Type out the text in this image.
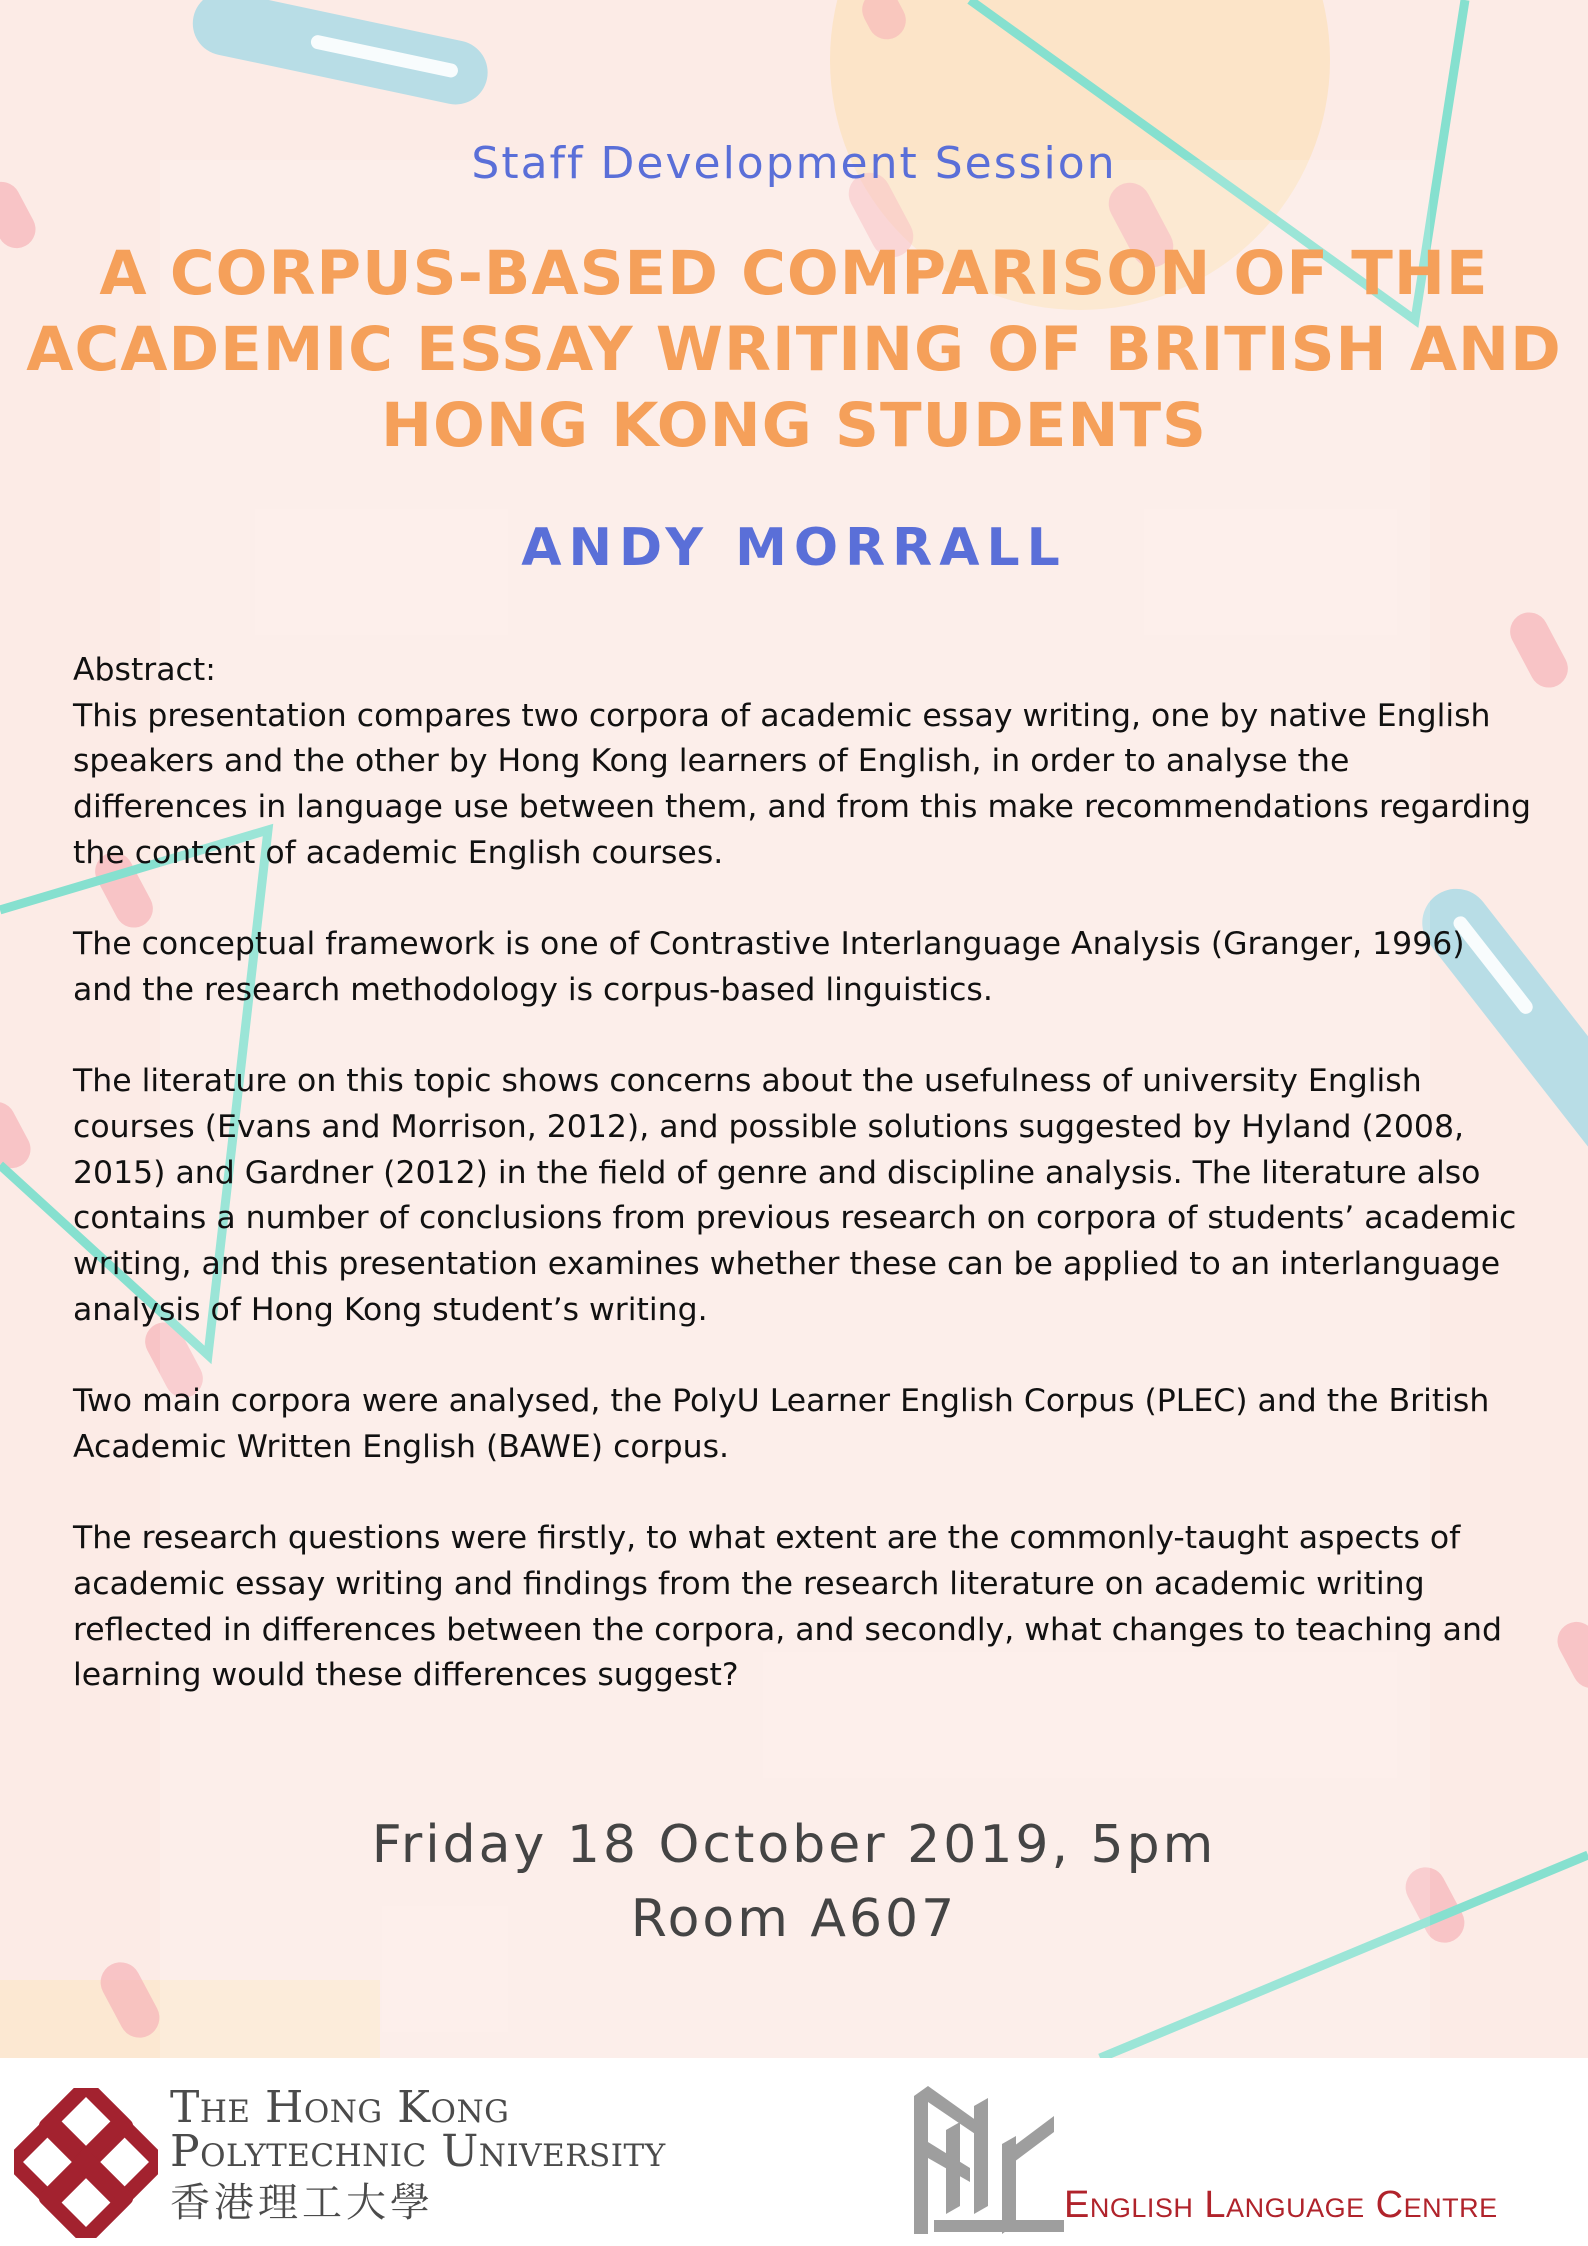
Staff Development Session
A CORPUS-BASED COMPARISON OF THE ACADEMIC ESSAY WRITING OF BRITISH AND HONG KONG STUDENTS
ANDY MORRALL

Abstract:

This presentation compares two corpora of academic essay writing, one by native English speakers and the other by Hong Kong learners of English, in order to analyse the differences in language use between them, and from this make recommendations regarding the content of academic English courses.

The conceptual framework is one of Contrastive Interlanguage Analysis (Granger, 1996) and the research methodology is corpus-based linguistics.

The literature on this topic shows concerns about the usefulness of university English courses (Evans and Morrison, 2012), and possible solutions suggested by Hyland (2008, 2015) and Gardner (2012) in the field of genre and discipline analysis. The literature also contains a number of conclusions from previous research on corpora of students’ academic writing, and this presentation examines whether these can be applied to an interlanguage analysis of Hong Kong student’s writing.

Two main corpora were analysed, the PolyU Learner English Corpus (PLEC) and the British Academic Written English (BAWE) corpus.

The research questions were firstly, to what extent are the commonly-taught aspects of academic essay writing and findings from the research literature on academic writing reflected in differences between the corpora, and secondly, what changes to teaching and learning would these differences suggest?

Friday 18 October 2019, 5pm
Room A607
The Hong Kong
Polytechnic University
香港理工大學	English Language Centre
